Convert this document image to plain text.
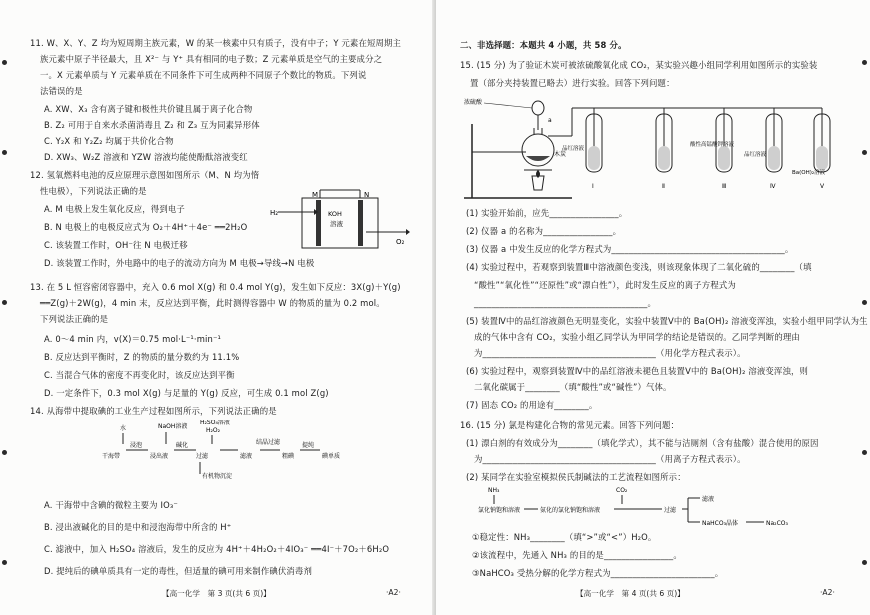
11. W、X、Y、Z 均为短周期主族元素，W 的某一核素中只有质子，没有中子；Y 元素在短周期主
族元素中原子半径最大，且 X²⁻ 与 Y⁺ 具有相同的电子数；Z 元素单质是空气的主要成分之
一。X 元素单质与 Y 元素单质在不同条件下可生成两种不同原子个数比的物质。下列说
法错误的是
A. XW、X₃ 含有离子键和极性共价键且属于离子化合物
B. Z₂ 可用于自来水杀菌消毒且 Z₂ 和 Z₃ 互为同素异形体
C. Y₂X 和 Y₂Z₂ 均属于共价化合物
D. XW₃、W₂Z 溶液和 YZW 溶液均能使酚酞溶液变红
12. 氢氧燃料电池的反应原理示意图如图所示（M、N 均为惰
性电极），下列说法正确的是
A. M 电极上发生氧化反应，得到电子
B. N 电极上的电极反应式为 O₂＋4H⁺＋4e⁻ ══2H₂O
C. 该装置工作时，OH⁻往 N 电极迁移
D. 该装置工作时，外电路中的电子的流动方向为 M 电极→导线→N 电极
H₂
O₂
M	N
KOH
溶液
13. 在 5 L 恒容密闭容器中，充入 0.6 mol X(g) 和 0.4 mol Y(g)，发生如下反应：3X(g)＋Y(g)
══Z(g)＋2W(g)，4 min 末，反应达到平衡，此时测得容器中 W 的物质的量为 0.2 mol。
下列说法正确的是
A. 0～4 min 内，v(X)＝0.75 mol·L⁻¹·min⁻¹
B. 反应达到平衡时，Z 的物质的量分数约为 11.1%
C. 当混合气体的密度不再变化时，该反应达到平衡
D. 一定条件下，0.3 mol X(g) 与足量的 Y(g) 反应，可生成 0.1 mol Z(g)
14. 从海带中提取碘的工业生产过程如图所示，下列说法正确的是
水	NaOH溶液
H₂SO₄溶液
H₂O₂
干海带
浸泡
浸出液
碱化
过滤
有机物沉淀
滤液
结晶过滤
粗碘
提纯
碘单质
A. 干海带中含碘的微粒主要为 IO₃⁻
B. 浸出液碱化的目的是中和浸泡海带中所含的 H⁺
C. 滤液中，加入 H₂SO₄ 溶液后，发生的反应为 4H⁺＋4H₂O₂＋4IO₃⁻ ══4I⁻＋7O₂＋6H₂O
D. 提纯后的碘单质具有一定的毒性，但适量的碘可用来制作碘伏消毒剂
【高一化学　第 3 页(共 6 页)】	·A2·
二、非选择题：本题共 4 小题，共 58 分。
15. (15 分) 为了验证木炭可被浓硫酸氧化成 CO₂，某实验兴趣小组同学利用如图所示的实验装
置（部分夹持装置已略去）进行实验。回答下列问题：
浓硫酸
a
木炭
品红溶液
Ⅰ	Ⅱ
酸性高锰酸钾溶液
Ⅲ
品红溶液
Ⅳ
Ba(OH)₂溶液
Ⅴ
(1) 实验开始前，应先________________。
(2) 仪器 a 的名称为________________。
(3) 仪器 a 中发生反应的化学方程式为________________________________________。
(4) 实验过程中，若观察到装置Ⅲ中溶液颜色变浅，则该现象体现了二氧化硫的________（填
“酸性”“氧化性”“还原性”或“漂白性”），此时发生反应的离子方程式为
________________________________________。
(5) 装置Ⅳ中的品红溶液颜色无明显变化，实验中装置Ⅴ中的 Ba(OH)₂ 溶液变浑浊，实验小组甲同学认为生
成的气体中含有 CO₂，实验小组乙同学认为甲同学的结论是错误的。乙同学判断的理由
为________________________________________（用化学方程式表示）。
(6) 实验过程中，观察到装置Ⅳ中的品红溶液未褪色且装置Ⅴ中的 Ba(OH)₂ 溶液变浑浊，则
二氧化碳属于________（填“酸性”或“碱性”）气体。
(7) 固态 CO₂ 的用途有________。
16. (15 分) 氯是构建化合物的常见元素。回答下列问题：
(1) 漂白剂的有效成分为________（填化学式），其不能与洁厕剂（含有盐酸）混合使用的原因
为________________________________________（用离子方程式表示）。
(2) 某同学在实验室模拟侯氏制碱法的工艺流程如图所示：
NH₃	CO₂
氯化钠饱和溶液	氨化的氯化钠饱和溶液	过滤
滤液
NaHCO₃晶体	Na₂CO₃
①稳定性：NH₃________（填“>”或“<”）H₂O。
②该流程中，先通入 NH₃ 的目的是________________。
③NaHCO₃ 受热分解的化学方程式为________________________。
【高一化学　第 4 页(共 6 页)】	·A2·
